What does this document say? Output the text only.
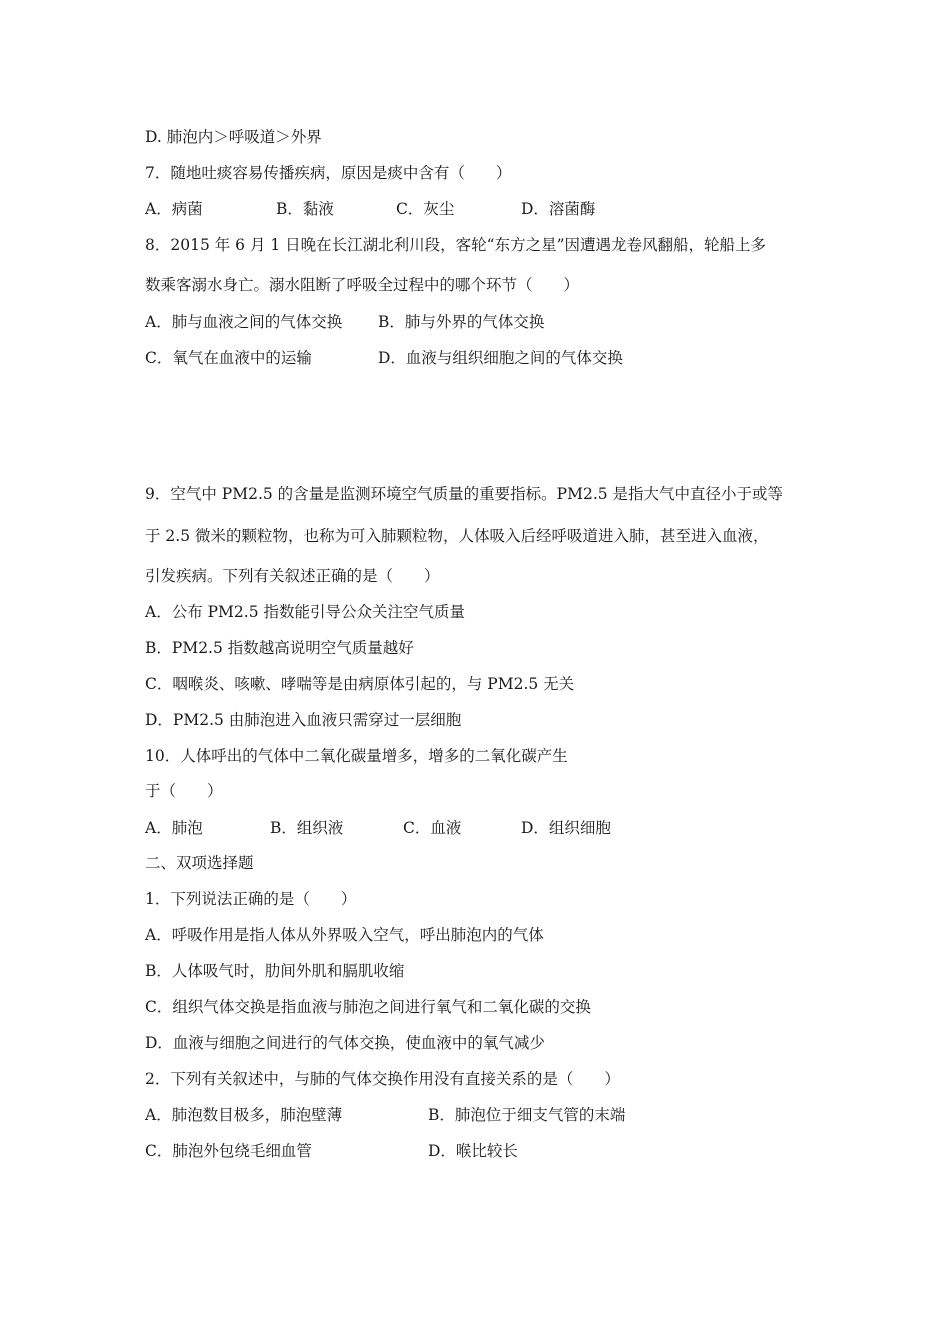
D. 肺泡内＞呼吸道＞外界
7．随地吐痰容易传播疾病，原因是痰中含有（　　）
A．病菌	B．黏液	C．灰尘	D．溶菌酶
8．2015 年 6 月 1 日晚在长江湖北利川段，客轮“东方之星”因遭遇龙卷风翻船，轮船上多
数乘客溺水身亡。溺水阻断了呼吸全过程中的哪个环节（　　）
A．肺与血液之间的气体交换 B．肺与外界的气体交换
C．氧气在血液中的运输	D．血液与组织细胞之间的气体交换
9．空气中 PM2.5 的含量是监测环境空气质量的重要指标。PM2.5 是指大气中直径小于或等
于 2.5 微米的颗粒物，也称为可入肺颗粒物，人体吸入后经呼吸道进入肺，甚至进入血液，
引发疾病。下列有关叙述正确的是（　　）
A．公布 PM2.5 指数能引导公众关注空气质量
B．PM2.5 指数越高说明空气质量越好
C．咽喉炎、咳嗽、哮喘等是由病原体引起的，与 PM2.5 无关
D．PM2.5 由肺泡进入血液只需穿过一层细胞
10．人体呼出的气体中二氧化碳量增多，增多的二氧化碳产生
于（　　）
A．肺泡	B．组织液	C．血液	D．组织细胞
二、双项选择题
1．下列说法正确的是（　　）
A．呼吸作用是指人体从外界吸入空气，呼出肺泡内的气体
B．人体吸气时，肋间外肌和膈肌收缩
C．组织气体交换是指血液与肺泡之间进行氧气和二氧化碳的交换
D．血液与细胞之间进行的气体交换，使血液中的氧气减少
2．下列有关叙述中，与肺的气体交换作用没有直接关系的是（　　）
A．肺泡数目极多，肺泡壁薄	B．肺泡位于细支气管的末端
C．肺泡外包绕毛细血管	D．喉比较长
